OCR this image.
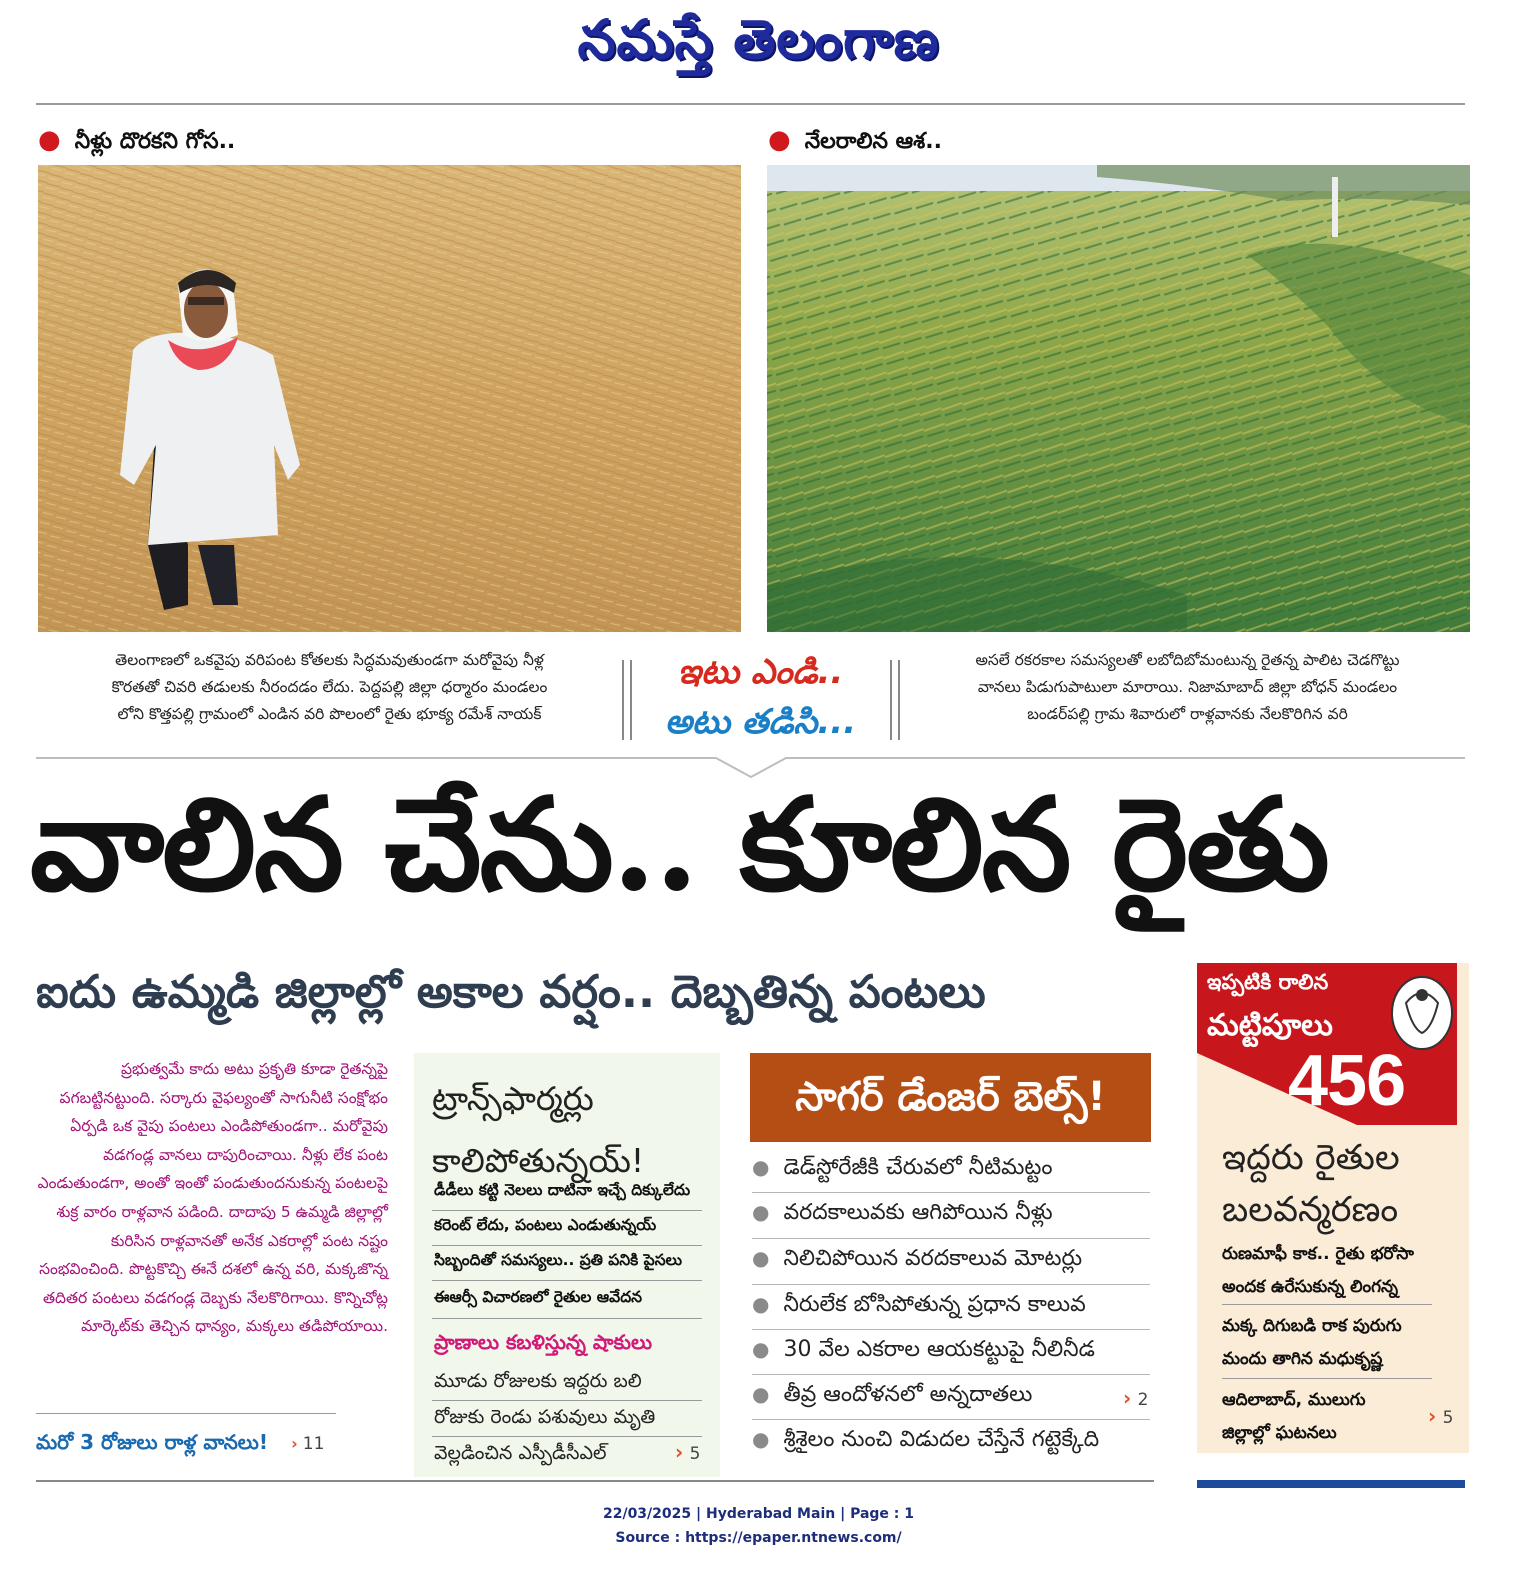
నమస్తే తెలంగాణ
● నీళ్లు దొరకని గోస..	● నేలరాలిన ఆశ..
తెలంగాణలో ఒకవైపు వరిపంట కోతలకు సిద్ధమవుతుండగా మరోవైపు నీళ్ల
కొరతతో చివరి తడులకు నీరందడం లేదు. పెద్దపల్లి జిల్లా ధర్మారం మండలం
లోని కొత్తపల్లి గ్రామంలో ఎండిన వరి పొలంలో రైతు భూక్య రమేశ్ నాయక్
ఇటు ఎండి..
అటు తడిసి...
అసలే రకరకాల సమస్యలతో లబోదిబోమంటున్న రైతన్న పాలిట చెడగొట్టు
వానలు పిడుగుపాటులా మారాయి. నిజామాబాద్ జిల్లా బోధన్ మండలం
బండర్‌పల్లి గ్రామ శివారులో రాళ్లవానకు నేలకొరిగిన వరి
వాలిన చేను.. కూలిన రైతు
ఐదు ఉమ్మడి జిల్లాల్లో అకాల వర్షం.. దెబ్బతిన్న పంటలు
ప్రభుత్వమే కాదు అటు ప్రకృతి కూడా రైతన్నపై పగబట్టినట్టుంది. సర్కారు వైఫల్యంతో సాగునీటి సంక్షోభం ఏర్పడి ఒక వైపు పంటలు ఎండిపోతుండగా.. మరోవైపు వడగండ్ల వానలు దాపురించాయి. నీళ్లు లేక పంట ఎండుతుండగా, అంతో ఇంతో పండుతుందనుకున్న పంటలపై శుక్ర వారం రాళ్లవాన పడింది. దాదాపు 5 ఉమ్మడి జిల్లాల్లో కురిసిన రాళ్లవానతో అనేక ఎకరాల్లో పంట నష్టం సంభవించింది. పొట్టకొచ్చి ఈనే దశలో ఉన్న వరి, మక్కజొన్న తదితర పంటలు వడగండ్ల దెబ్బకు నేలకొరిగాయి. కొన్నిచోట్ల మార్కెట్‌కు తెచ్చిన ధాన్యం, మక్కలు తడిపోయాయి.
మరో 3 రోజులు రాళ్ల వానలు! › 11
ట్రాన్స్‌ఫార్మర్లు
కాలిపోతున్నయ్!
డీడీలు కట్టి నెలలు దాటినా ఇచ్చే దిక్కులేదు
కరెంట్ లేదు, పంటలు ఎండుతున్నయ్
సిబ్బందితో సమస్యలు.. ప్రతి పనికి పైసలు
ఈఆర్సీ విచారణలో రైతుల ఆవేదన
ప్రాణాలు కబళిస్తున్న షాకులు
మూడు రోజులకు ఇద్దరు బలి
రోజుకు రెండు పశువులు మృతి
వెల్లడించిన ఎస్పీడీసీఎల్	› 5
సాగర్ డేంజర్ బెల్స్!
● డెడ్‌స్టోరేజీకి చేరువలో నీటిమట్టం
● వరదకాలువకు ఆగిపోయిన నీళ్లు
● నిలిచిపోయిన వరదకాలువ మోటర్లు
● నీరులేక బోసిపోతున్న ప్రధాన కాలువ
● 30 వేల ఎకరాల ఆయకట్టుపై నీలినీడ
● తీవ్ర ఆందోళనలో అన్నదాతలు	› 2
● శ్రీశైలం నుంచి విడుదల చేస్తేనే గట్టెక్కేది
ఇప్పటికి రాలిన
మట్టిపూలు
456
ఇద్దరు రైతుల
బలవన్మరణం
రుణమాఫీ కాక.. రైతు భరోసా
అందక ఉరేసుకున్న లింగన్న
మక్క దిగుబడి రాక పురుగు
మందు తాగిన మధుకృష్ణ
ఆదిలాబాద్, ములుగు
జిల్లాల్లో ఘటనలు
› 5
22/03/2025 | Hyderabad Main | Page : 1
Source : https://epaper.ntnews.com/
